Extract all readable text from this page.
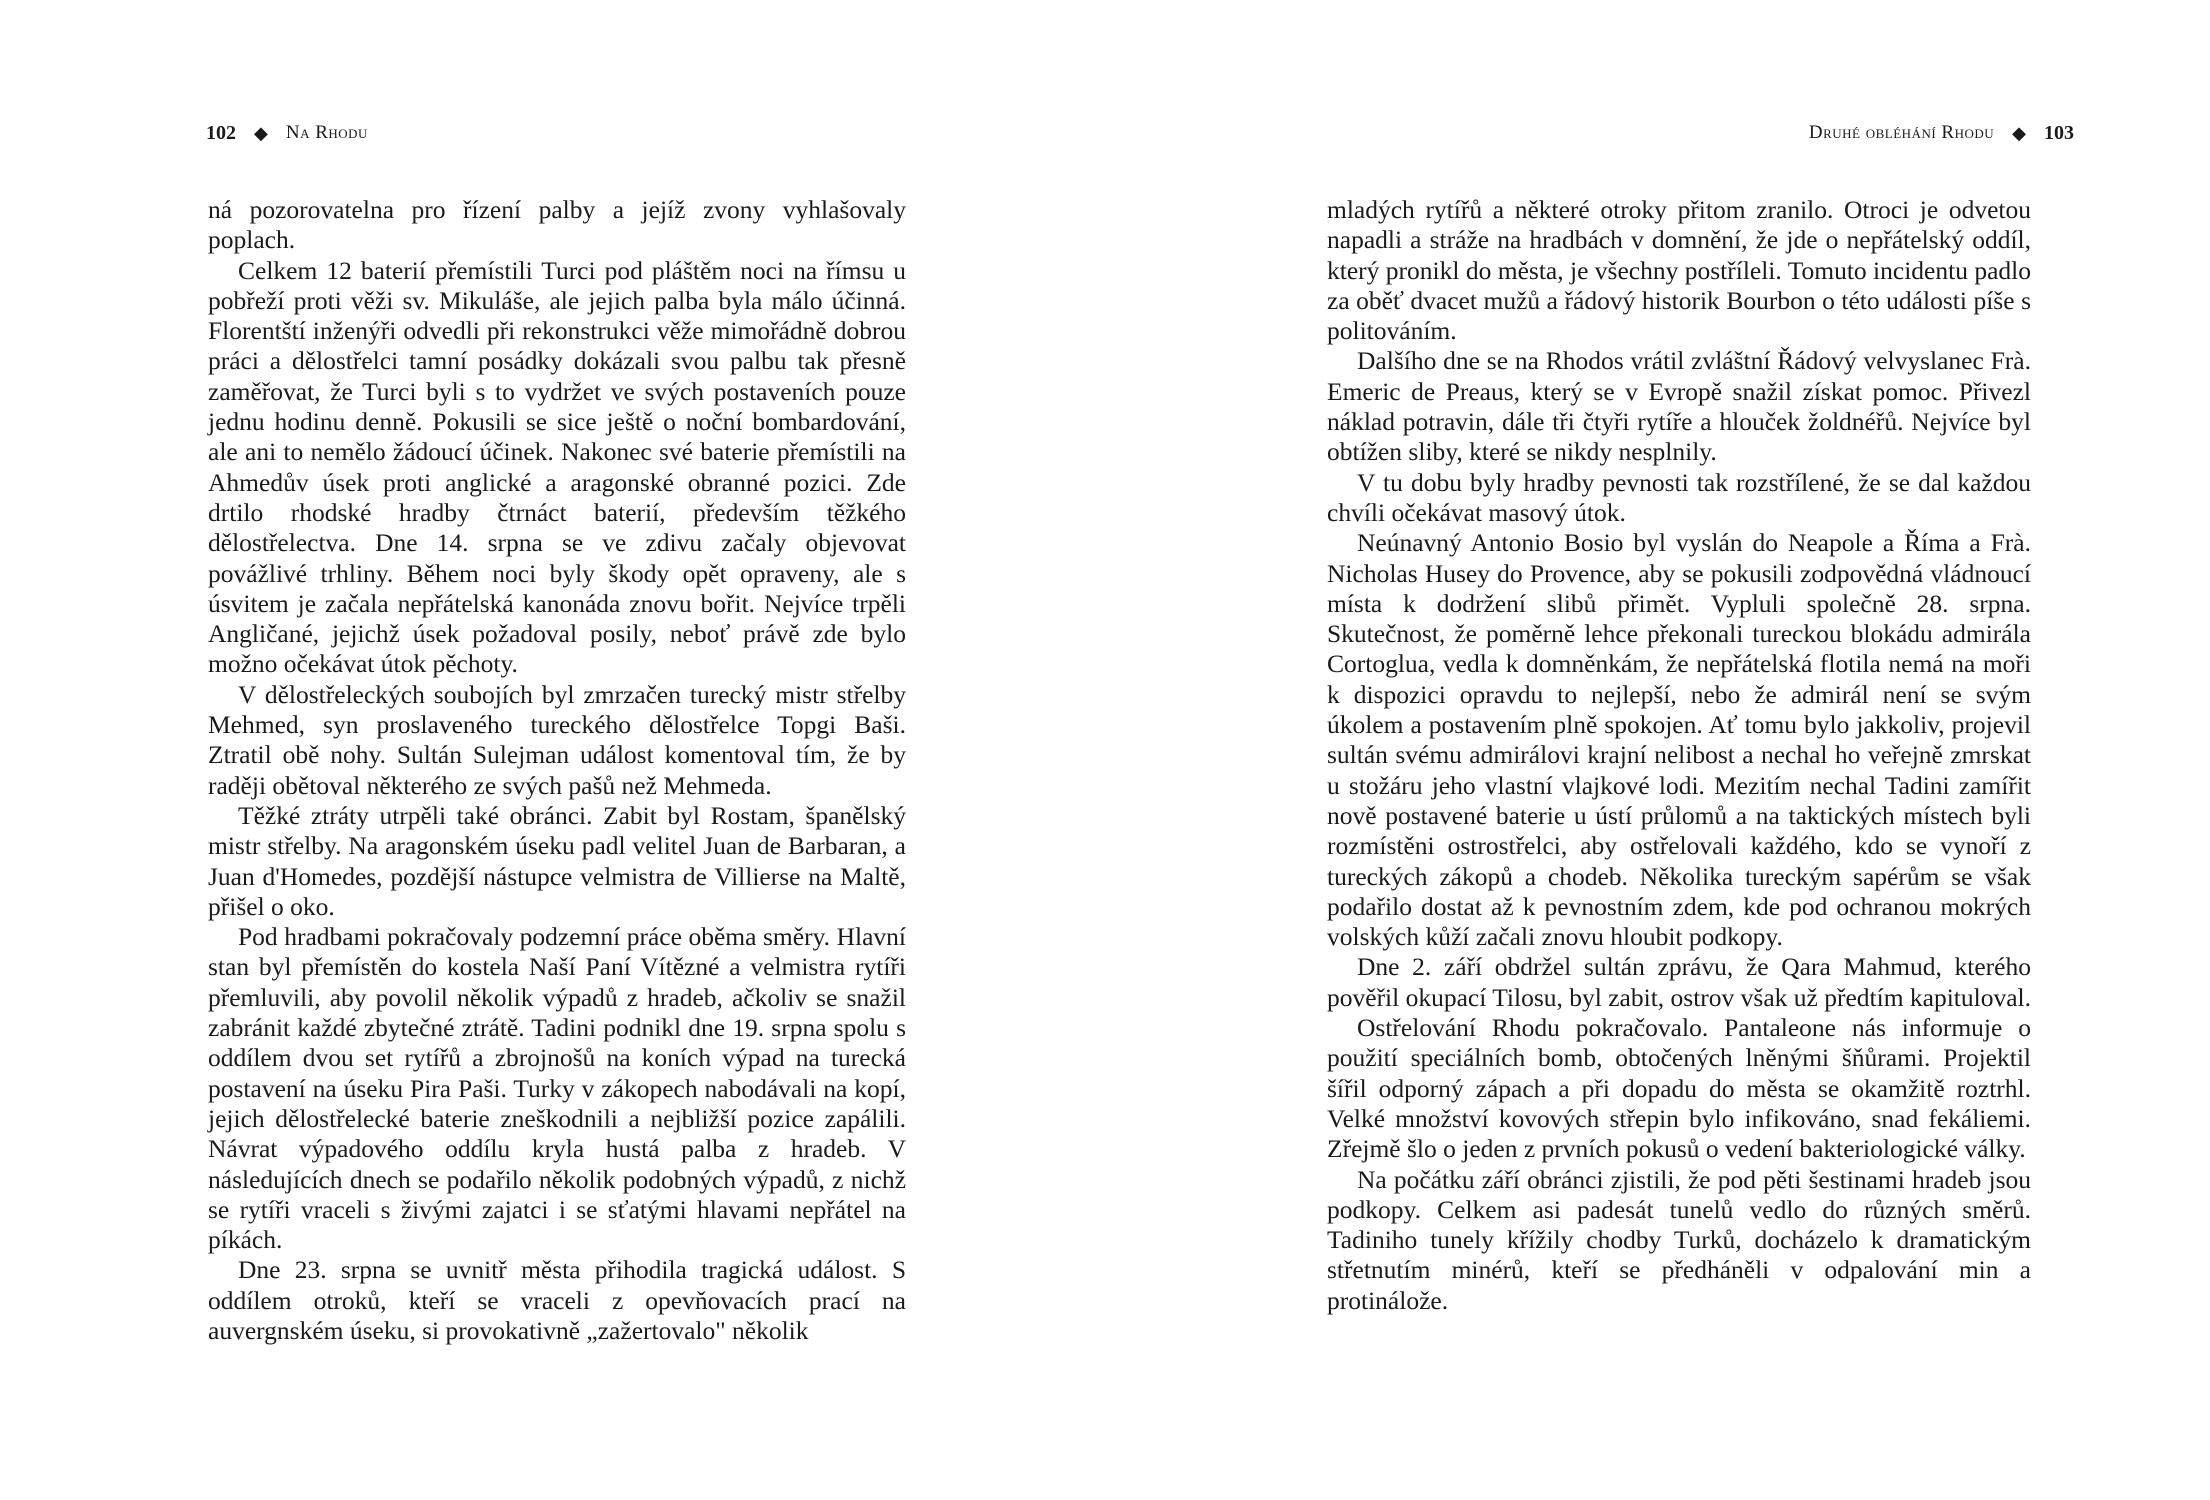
102 ◆ Na Rhodu

ná pozorovatelna pro řízení palby a jejíž zvony vyhlašovaly poplach.

Celkem 12 baterií přemístili Turci pod pláštěm noci na římsu u pobřeží proti věži sv. Mikuláše, ale jejich palba byla málo účinná. Florentští inženýři odvedli při rekonstrukci věže mimořádně dobrou práci a dělostřelci tamní posádky dokázali svou palbu tak přesně zaměřovat, že Turci byli s to vydržet ve svých postaveních pouze jednu hodinu denně. Pokusili se sice ještě o noční bombardování, ale ani to nemělo žádoucí účinek. Nakonec své baterie přemístili na Ahmedův úsek proti anglické a aragonské obranné pozici. Zde drtilo rhodské hradby čtrnáct baterií, především těžkého dělostřelectva. Dne 14. srpna se ve zdivu začaly objevovat povážlivé trhliny. Během noci byly škody opět opraveny, ale s úsvitem je začala nepřátelská kanonáda znovu bořit. Nejvíce trpěli Angličané, jejichž úsek požadoval posily, neboť právě zde bylo možno očekávat útok pěchoty.

V dělostřeleckých soubojích byl zmrzačen turecký mistr střelby Mehmed, syn proslaveného tureckého dělostřelce Topgi Baši. Ztratil obě nohy. Sultán Sulejman událost komentoval tím, že by raději obětoval některého ze svých pašů než Mehmeda.

Těžké ztráty utrpěli také obránci. Zabit byl Rostam, španělský mistr střelby. Na aragonském úseku padl velitel Juan de Barbaran, a Juan d'Homedes, pozdější nástupce velmistra de Villierse na Maltě, přišel o oko.

Pod hradbami pokračovaly podzemní práce oběma směry. Hlavní stan byl přemístěn do kostela Naší Paní Vítězné a velmistra rytíři přemluvili, aby povolil několik výpadů z hradeb, ačkoliv se snažil zabránit každé zbytečné ztrátě. Tadini podnikl dne 19. srpna spolu s oddílem dvou set rytířů a zbrojnošů na koních výpad na turecká postavení na úseku Pira Paši. Turky v zákopech nabodávali na kopí, jejich dělostřelecké baterie zneškodnili a nejbližší pozice zapálili. Návrat výpadového oddílu kryla hustá palba z hradeb. V následujících dnech se podařilo několik podobných výpadů, z nichž se rytíři vraceli s živými zajatci i se sťatými hlavami nepřátel na píkách.

Dne 23. srpna se uvnitř města přihodila tragická událost. S oddílem otroků, kteří se vraceli z opevňovacích prací na auvergnském úseku, si provokativně „zažertovalo" několik

Druhé obléhání Rhodu ◆ 103

mladých rytířů a některé otroky přitom zranilo. Otroci je odvetou napadli a stráže na hradbách v domnění, že jde o nepřátelský oddíl, který pronikl do města, je všechny postříleli. Tomuto incidentu padlo za oběť dvacet mužů a řádový historik Bourbon o této události píše s politováním.

Dalšího dne se na Rhodos vrátil zvláštní Řádový velvyslanec Frà. Emeric de Preaus, který se v Evropě snažil získat pomoc. Přivezl náklad potravin, dále tři čtyři rytíře a hlouček žoldnéřů. Nejvíce byl obtížen sliby, které se nikdy nesplnily.

V tu dobu byly hradby pevnosti tak rozstřílené, že se dal každou chvíli očekávat masový útok.

Neúnavný Antonio Bosio byl vyslán do Neapole a Říma a Frà. Nicholas Husey do Provence, aby se pokusili zodpovědná vládnoucí místa k dodržení slibů přimět. Vypluli společně 28. srpna. Skutečnost, že poměrně lehce překonali tureckou blokádu admirála Cortoglua, vedla k domněnkám, že nepřátelská flotila nemá na moři k dispozici opravdu to nejlepší, nebo že admirál není se svým úkolem a postavením plně spokojen. Ať tomu bylo jakkoliv, projevil sultán svému admirálovi krajní nelibost a nechal ho veřejně zmrskat u stožáru jeho vlastní vlajkové lodi. Mezitím nechal Tadini zamířit nově postavené baterie u ústí průlomů a na taktických místech byli rozmístěni ostrostřelci, aby ostřelovali každého, kdo se vynoří z tureckých zákopů a chodeb. Několika tureckým sapérům se však podařilo dostat až k pevnostním zdem, kde pod ochranou mokrých volských kůží začali znovu hloubit podkopy.

Dne 2. září obdržel sultán zprávu, že Qara Mahmud, kterého pověřil okupací Tilosu, byl zabit, ostrov však už předtím kapituloval.

Ostřelování Rhodu pokračovalo. Pantaleone nás informuje o použití speciálních bomb, obtočených lněnými šňůrami. Projektil šířil odporný zápach a při dopadu do města se okamžitě roztrhl. Velké množství kovových střepin bylo infikováno, snad fekáliemi. Zřejmě šlo o jeden z prvních pokusů o vedení bakteriologické války.

Na počátku září obránci zjistili, že pod pěti šestinami hradeb jsou podkopy. Celkem asi padesát tunelů vedlo do různých směrů. Tadiniho tunely křížily chodby Turků, docházelo k dramatickým střetnutím minérů, kteří se předháněli v odpalování min a protinálože.
